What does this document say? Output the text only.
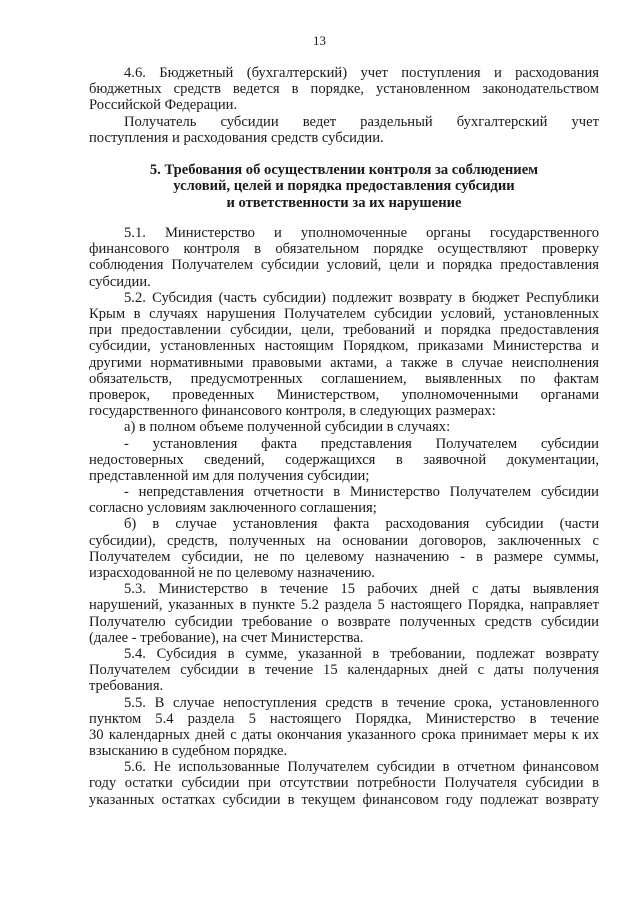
13
4.6. Бюджетный (бухгалтерский) учет поступления и расходования
бюджетных средств ведется в порядке, установленном законодательством
Российской Федерации.
Получатель субсидии ведет раздельный бухгалтерский учет
поступления и расходования средств субсидии.
5. Требования об осуществлении контроля за соблюдением
условий, целей и порядка предоставления субсидии
и ответственности за их нарушение
5.1. Министерство и уполномоченные органы государственного
финансового контроля в обязательном порядке осуществляют проверку
соблюдения Получателем субсидии условий, цели и порядка предоставления
субсидии.
5.2. Субсидия (часть субсидии) подлежит возврату в бюджет Республики
Крым в случаях нарушения Получателем субсидии условий, установленных
при предоставлении субсидии, цели, требований и порядка предоставления
субсидии, установленных настоящим Порядком, приказами Министерства и
другими нормативными правовыми актами, а также в случае неисполнения
обязательств, предусмотренных соглашением, выявленных по фактам
проверок, проведенных Министерством, уполномоченными органами
государственного финансового контроля, в следующих размерах:
а) в полном объеме полученной субсидии в случаях:
- установления факта представления Получателем субсидии
недостоверных сведений, содержащихся в заявочной документации,
представленной им для получения субсидии;
- непредставления отчетности в Министерство Получателем субсидии
согласно условиям заключенного соглашения;
б) в случае установления факта расходования субсидии (части
субсидии), средств, полученных на основании договоров, заключенных с
Получателем субсидии, не по целевому назначению - в размере суммы,
израсходованной не по целевому назначению.
5.3. Министерство в течение 15 рабочих дней с даты выявления
нарушений, указанных в пункте 5.2 раздела 5 настоящего Порядка, направляет
Получателю субсидии требование о возврате полученных средств субсидии
(далее - требование), на счет Министерства.
5.4. Субсидия в сумме, указанной в требовании, подлежат возврату
Получателем субсидии в течение 15 календарных дней с даты получения
требования.
5.5. В случае непоступления средств в течение срока, установленного
пунктом 5.4 раздела 5 настоящего Порядка, Министерство в течение
30 календарных дней с даты окончания указанного срока принимает меры к их
взысканию в судебном порядке.
5.6. Не использованные Получателем субсидии в отчетном финансовом
году остатки субсидии при отсутствии потребности Получателя субсидии в
указанных остатках субсидии в текущем финансовом году подлежат возврату
